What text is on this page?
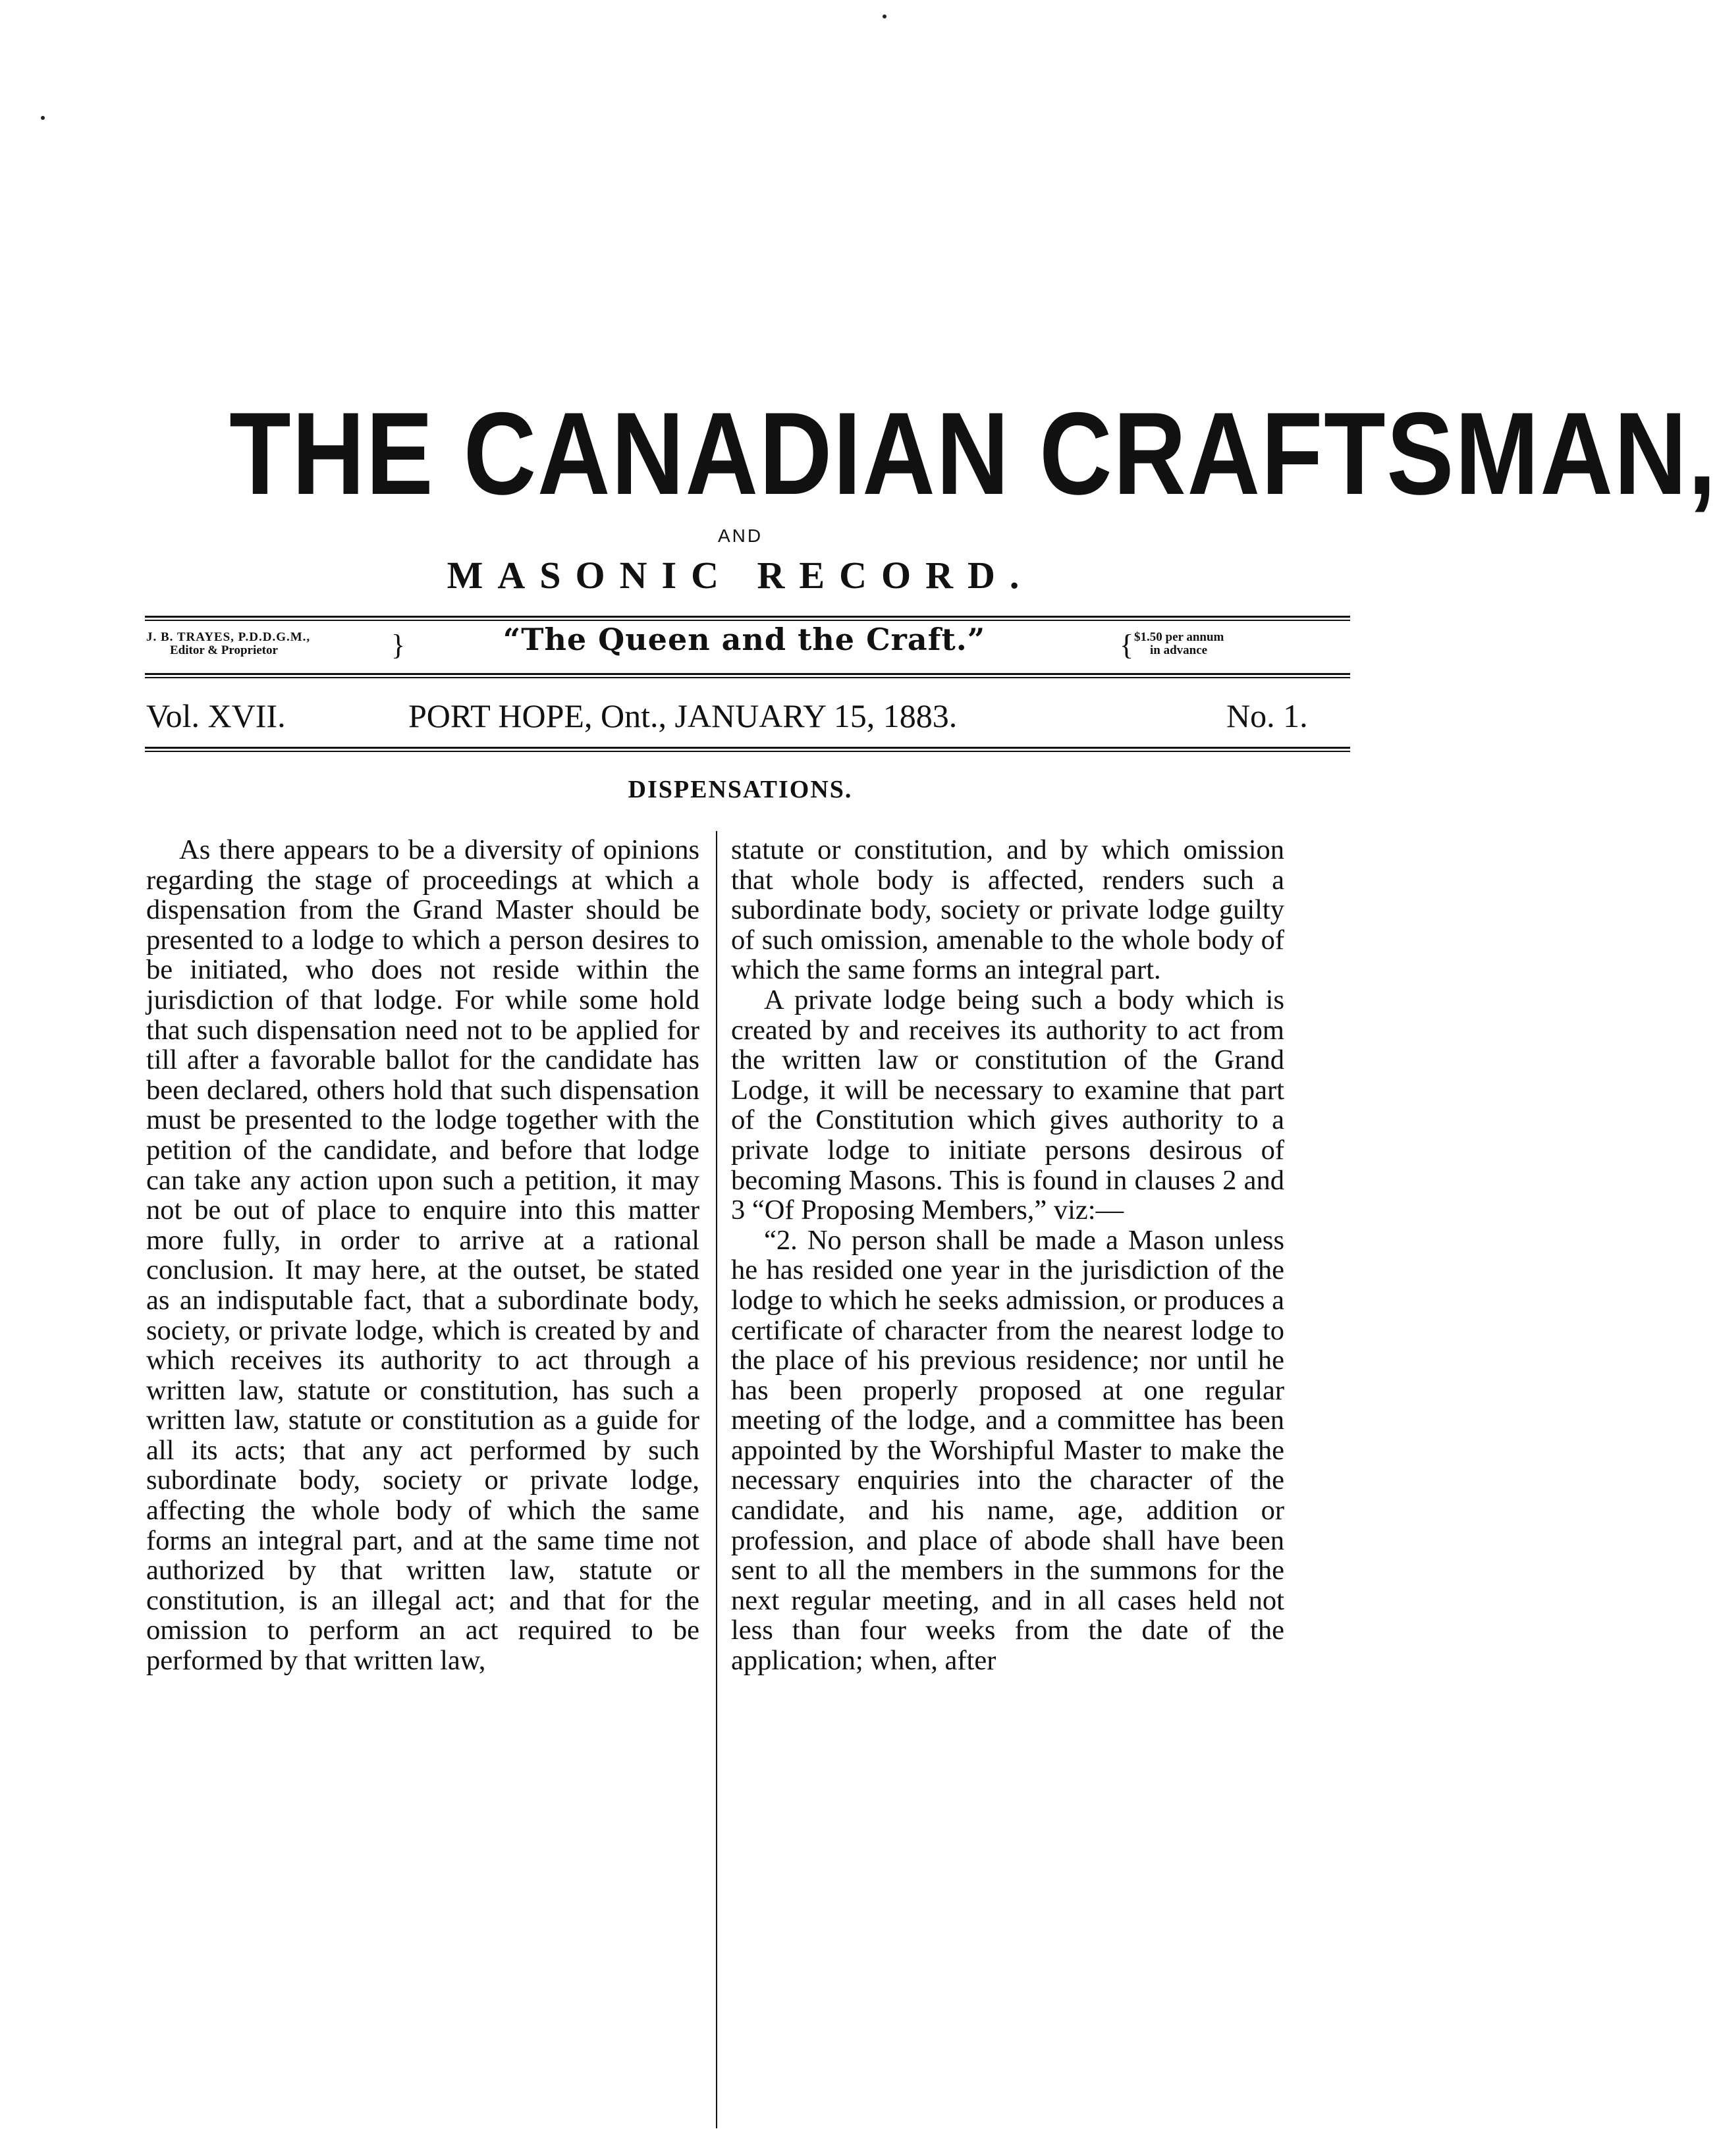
THE CANADIAN CRAFTSMAN,
AND
MASONIC RECORD.
J. B. TRAYES, P.D.D.G.M.,
Editor & Proprietor	}	“The Queen and the Craft.”	{ $1.50 per annum
in advance
Vol. XVII.	PORT HOPE, Ont., JANUARY 15, 1883.	No. 1.
DISPENSATIONS.

As there appears to be a diversity of opinions regarding the stage of proceedings at which a dispensation from the Grand Master should be presented to a lodge to which a person desires to be initiated, who does not reside within the jurisdiction of that lodge. For while some hold that such dispensation need not to be applied for till after a favorable ballot for the candidate has been declared, others hold that such dispensation must be presented to the lodge together with the petition of the candidate, and before that lodge can take any action upon such a petition, it may not be out of place to enquire into this matter more fully, in order to arrive at a rational conclusion. It may here, at the outset, be stated as an indisputable fact, that a subordinate body, society, or private lodge, which is created by and which receives its authority to act through a written law, statute or constitution, has such a written law, statute or constitution as a guide for all its acts; that any act performed by such subordinate body, society or private lodge, affecting the whole body of which the same forms an integral part, and at the same time not authorized by that written law, statute or constitution, is an illegal act; and that for the omission to perform an act required to be performed by that written law,

statute or constitution, and by which omission that whole body is affected, renders such a subordinate body, society or private lodge guilty of such omission, amenable to the whole body of which the same forms an integral part.

A private lodge being such a body which is created by and receives its authority to act from the written law or constitution of the Grand Lodge, it will be necessary to examine that part of the Constitution which gives authority to a private lodge to initiate persons desirous of becoming Masons. This is found in clauses 2 and 3 “Of Proposing Members,” viz:—

“2. No person shall be made a Mason unless he has resided one year in the jurisdiction of the lodge to which he seeks admission, or produces a certificate of character from the nearest lodge to the place of his previous residence; nor until he has been properly proposed at one regular meeting of the lodge, and a committee has been appointed by the Worshipful Master to make the necessary enquiries into the character of the candidate, and his name, age, addition or profession, and place of abode shall have been sent to all the members in the summons for the next regular meeting, and in all cases held not less than four weeks from the date of the application; when, after
